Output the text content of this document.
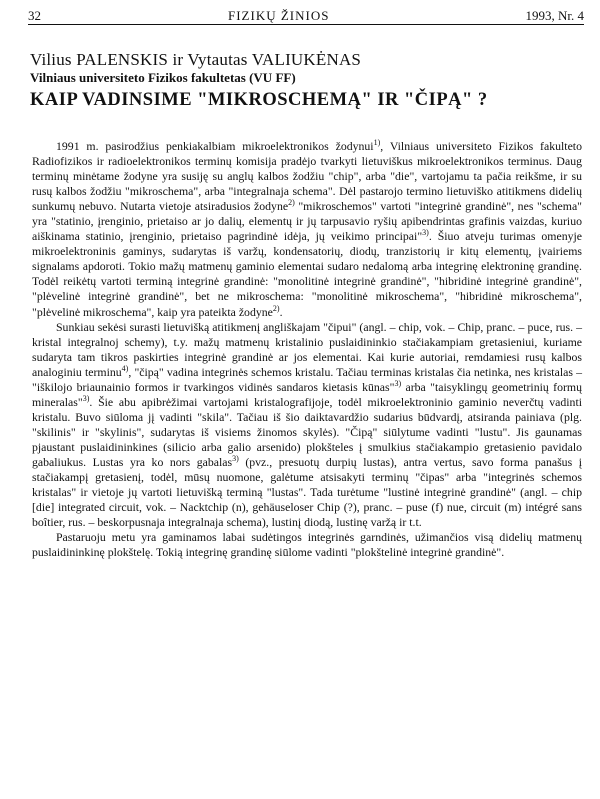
32	FIZIKŲ ŽINIOS	1993, Nr. 4
Vilius PALENSKIS ir Vytautas VALIUKĖNAS
Vilniaus universiteto Fizikos fakultetas (VU FF)
KAIP VADINSIME "MIKROSCHEMĄ" IR "ČIPĄ" ?

1991 m. pasirodžius penkiakalbiam mikroelektronikos žodynui$^{1)}$, Vilniaus universiteto Fizikos fakulteto Radiofizikos ir radioelektronikos terminų komisija pradėjo tvarkyti lietuviškus mikroelektronikos terminus. Daug terminų minėtame žodyne yra susiję su anglų kalbos žodžiu "chip", arba "die", vartojamu ta pačia reikšme, ir su rusų kalbos žodžiu "mikroschema", arba "integralnaja schema". Dėl pastarojo termino lietuviško atitikmens didelių sunkumų nebuvo. Nutarta vietoje atsiradusios žodyne$^{2)}$ "mikroschemos" vartoti "integrinė grandinė", nes "schema" yra "statinio, įrenginio, prietaiso ar jo dalių, elementų ir jų tarpusavio ryšių apibendrintas grafinis vaizdas, kuriuo aiškinama statinio, įrenginio, prietaiso pagrindinė idėja, jų veikimo principai"$^{3)}$. Šiuo atveju turimas omenyje mikroelektroninis gaminys, sudarytas iš varžų, kondensatorių, diodų, tranzistorių ir kitų elementų, įvairiems signalams apdoroti. Tokio mažų matmenų gaminio elementai sudaro nedalomą arba integrinę elektroninę grandinę. Todėl reikėtų vartoti terminą integrinė grandinė: "monolitinė integrinė grandinė", "hibridinė integrinė grandinė", "plėvelinė integrinė grandinė", bet ne mikroschema: "monolitinė mikroschema", "hibridinė mikroschema", "plėvelinė mikroschema", kaip yra pateikta žodyne$^{2)}$.

Sunkiau sekėsi surasti lietuvišką atitikmenį angliškajam "čipui" (angl. – chip, vok. – Chip, pranc. – puce, rus. – kristal integralnoj schemy), t.y. mažų matmenų kristalinio puslaidininkio stačiakampiam gretasieniui, kuriame sudaryta tam tikros paskirties integrinė grandinė ar jos elementai. Kai kurie autoriai, remdamiesi rusų kalbos analoginiu terminu$^{4)}$, "čipą" vadina integrinės schemos kristalu. Tačiau terminas kristalas čia netinka, nes kristalas – "iškilojo briaunainio formos ir tvarkingos vidinės sandaros kietasis kūnas"$^{3)}$ arba "taisyklingų geometrinių formų mineralas"$^{3)}$. Šie abu apibrėžimai vartojami kristalografijoje, todėl mikroelektroninio gaminio neverčtų vadinti kristalu. Buvo siūloma jį vadinti "skila". Tačiau iš šio daiktavardžio sudarius būdvardį, atsiranda painiava (plg. "skilinis" ir "skylinis", sudarytas iš visiems žinomos skylės). "Čipą" siūlytume vadinti "lustu". Jis gaunamas pjaustant puslaidininkines (silicio arba galio arsenido) plokšteles į smulkius stačiakampio gretasienio pavidalo gabaliukus. Lustas yra ko nors gabalas$^{3)}$ (pvz., presuotų durpių lustas), antra vertus, savo forma panašus į stačiakampį gretasienį, todėl, mūsų nuomone, galėtume atsisakyti terminų "čipas" arba "integrinės schemos kristalas" ir vietoje jų vartoti lietuvišką terminą "lustas". Tada turėtume "lustinė integrinė grandinė" (angl. – chip [die] integrated circuit, vok. – Nacktchip (n), gehäuseloser Chip (?), pranc. – puse (f) nue, circuit (m) intégré sans boîtier, rus. – beskorpusnaja integralnaja schema), lustinį diodą, lustinę varžą ir t.t.

Pastaruoju metu yra gaminamos labai sudėtingos integrinės garndinės, užimančios visą didelių matmenų puslaidininkinę plokštelę. Tokią integrinę grandinę siūlome vadinti "plokštelinė integrinė grandinė".
